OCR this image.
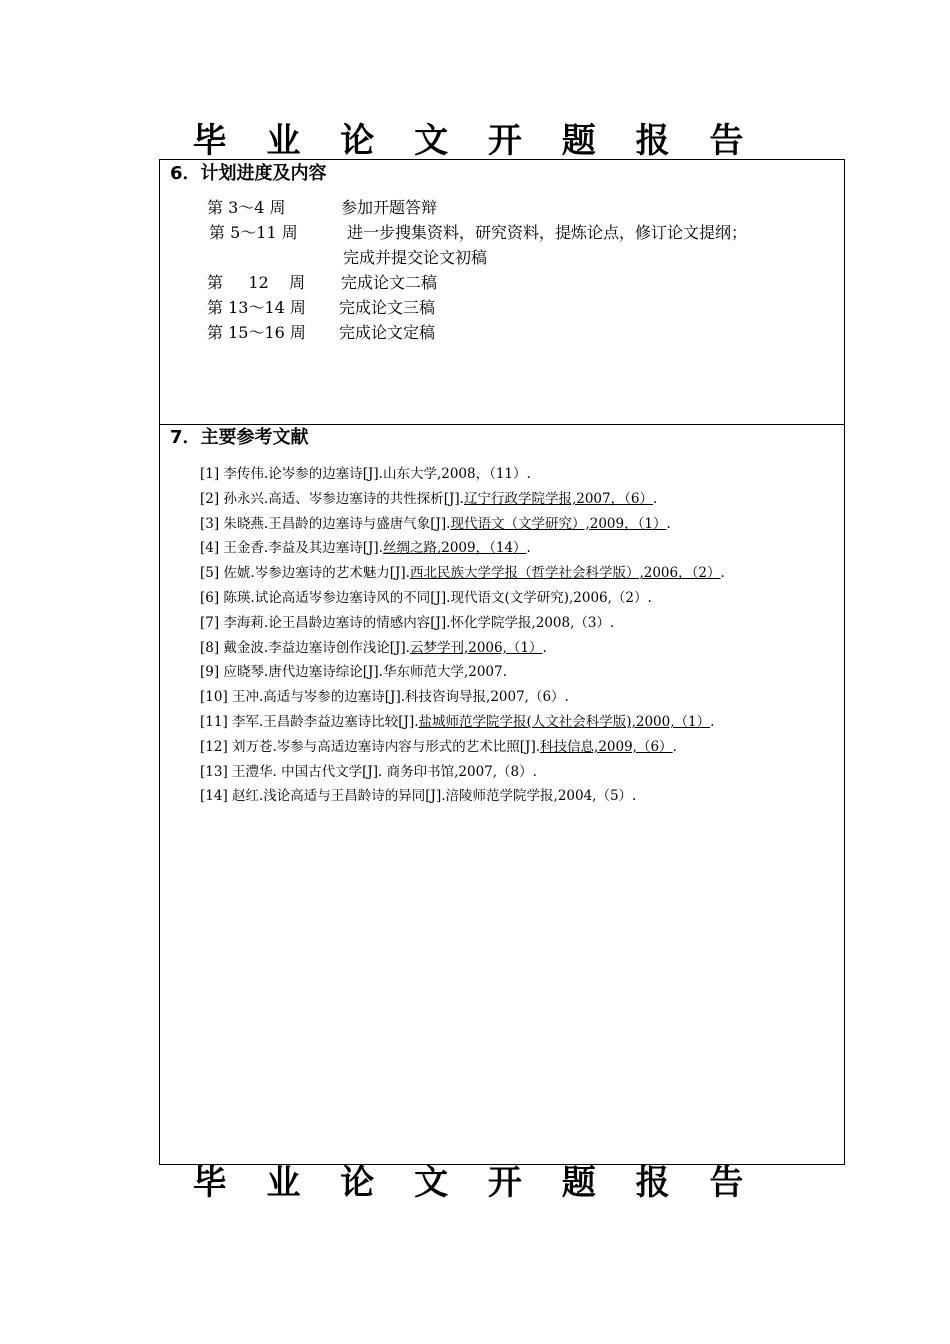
毕 业 论 文 开 题 报 告
6．计划进度及内容
第 3～4 周	参加开题答辩
第 5～11 周	进一步搜集资料，研究资料，提炼论点，修订论文提纲；
完成并提交论文初稿
第     12    周 完成论文二稿
第 13～14 周 完成论文三稿
第 15～16 周 完成论文定稿
7．主要参考文献
[1] 李传伟.论岑参的边塞诗[J].山东大学,2008，（11）.
[2] 孙永兴.高适、岑参边塞诗的共性探析[J].辽宁行政学院学报,2007，（6）.
[3] 朱晓燕.王昌龄的边塞诗与盛唐气象[J].现代语文（文学研究）,2009，（1）.
[4] 王金香.李益及其边塞诗[J].丝绸之路,2009，（14）.
[5] 佐婋.岑参边塞诗的艺术魅力[J].西北民族大学学报（哲学社会科学版）,2006，（2）.
[6] 陈瑛.试论高适岑参边塞诗风的不同[J].现代语文(文学研究),2006,（2）.
[7] 李海莉.论王昌龄边塞诗的情感内容[J].怀化学院学报,2008,（3）.
[8] 戴金波.李益边塞诗创作浅论[J].云梦学刊,2006,（1）.
[9] 应晓琴.唐代边塞诗综论[J].华东师范大学,2007.
[10] 王冲.高适与岑参的边塞诗[J].科技咨询导报,2007,（6）.
[11] 李军.王昌龄李益边塞诗比较[J].盐城师范学院学报(人文社会科学版),2000,（1）.
[12] 刘万苍.岑参与高适边塞诗内容与形式的艺术比照[J].科技信息,2009,（6）.
[13] 王澧华. 中国古代文学[J]. 商务印书馆,2007,（8）.
[14] 赵红.浅论高适与王昌龄诗的异同[J].涪陵师范学院学报,2004,（5）.
毕 业 论 文 开 题 报 告
